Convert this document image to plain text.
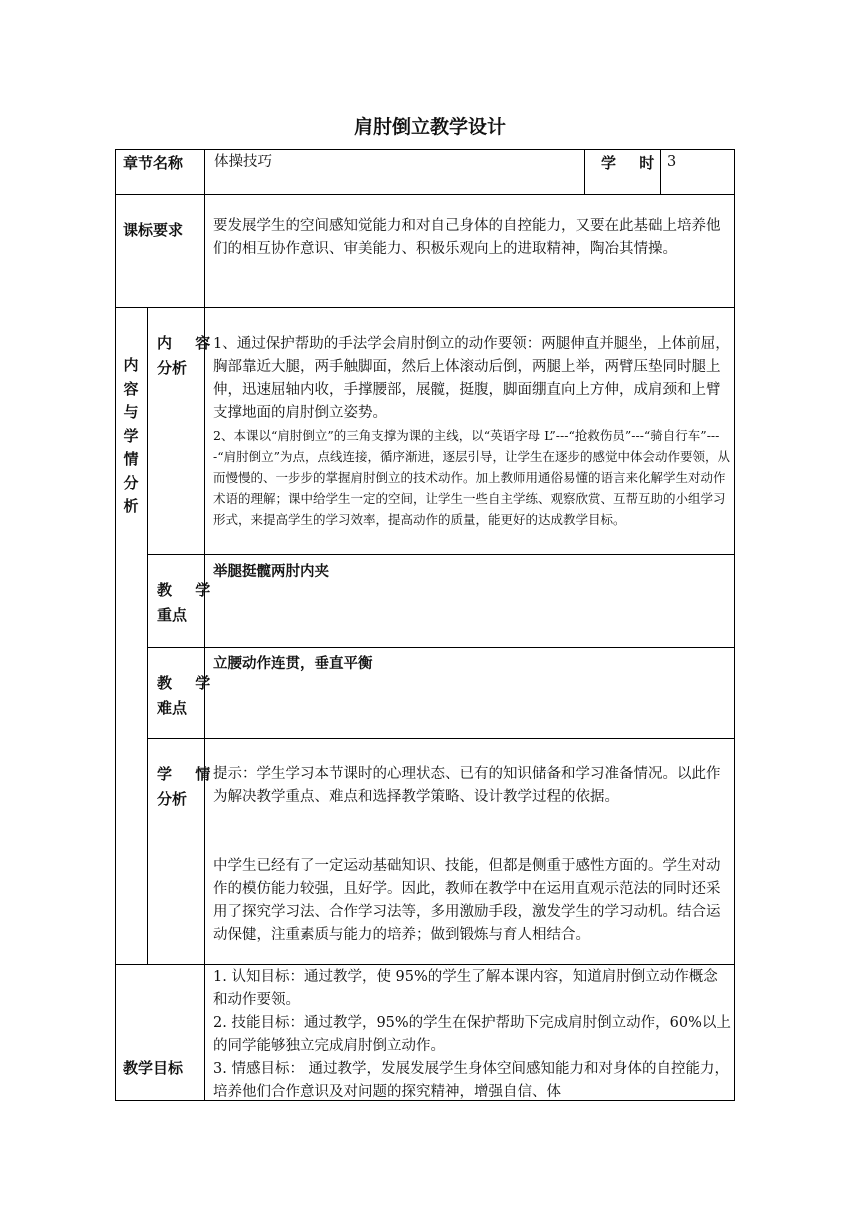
肩肘倒立教学设计
章节名称 体操技巧	学 时 3
课标要求 要发展学生的空间感知觉能力和对自己身体的自控能力，又要在此基础上培养他们的相互协作意识、审美能力、积极乐观向上的进取精神，陶冶其情操。
内
容
与
学
情
分
析
内 容
分析
1、通过保护帮助的手法学会肩肘倒立的动作要领：两腿伸直并腿坐，上体前屈，胸部靠近大腿，两手触脚面，然后上体滚动后倒，两腿上举，两臂压垫同时腿上伸，迅速屈轴内收，手撑腰部，展髋，挺腹，脚面绷直向上方伸，成肩颈和上臂支撑地面的肩肘倒立姿势。
2、本课以“肩肘倒立”的三角支撑为课的主线，以“英语字母 L”---“抢救伤员”---“骑自行车”----“肩肘倒立”为点，点线连接，循序渐进，逐层引导，让学生在逐步的感觉中体会动作要领，从而慢慢的、一步步的掌握肩肘倒立的技术动作。加上教师用通俗易懂的语言来化解学生对动作术语的理解；课中给学生一定的空间，让学生一些自主学练、观察欣赏、互帮互助的小组学习形式，来提高学生的学习效率，提高动作的质量，能更好的达成教学目标。
教 学
重点
举腿挺髋两肘内夹
教 学
难点
立腰动作连贯，垂直平衡
学 情
分析
提示：学生学习本节课时的心理状态、已有的知识储备和学习准备情况。以此作为解决教学重点、难点和选择教学策略、设计教学过程的依据。
中学生已经有了一定运动基础知识、技能，但都是侧重于感性方面的。学生对动作的模仿能力较强，且好学。因此，教师在教学中在运用直观示范法的同时还采用了探究学习法、合作学习法等，多用激励手段，激发学生的学习动机。结合运动保健，注重素质与能力的培养；做到锻炼与育人相结合。
教学目标
1. 认知目标：通过教学，使 95%的学生了解本课内容，知道肩肘倒立动作概念和动作要领。
2. 技能目标：通过教学，95%的学生在保护帮助下完成肩肘倒立动作，60%以上的同学能够独立完成肩肘倒立动作。
3. 情感目标： 通过教学，发展发展学生身体空间感知能力和对身体的自控能力，培养他们合作意识及对问题的探究精神，增强自信、体
